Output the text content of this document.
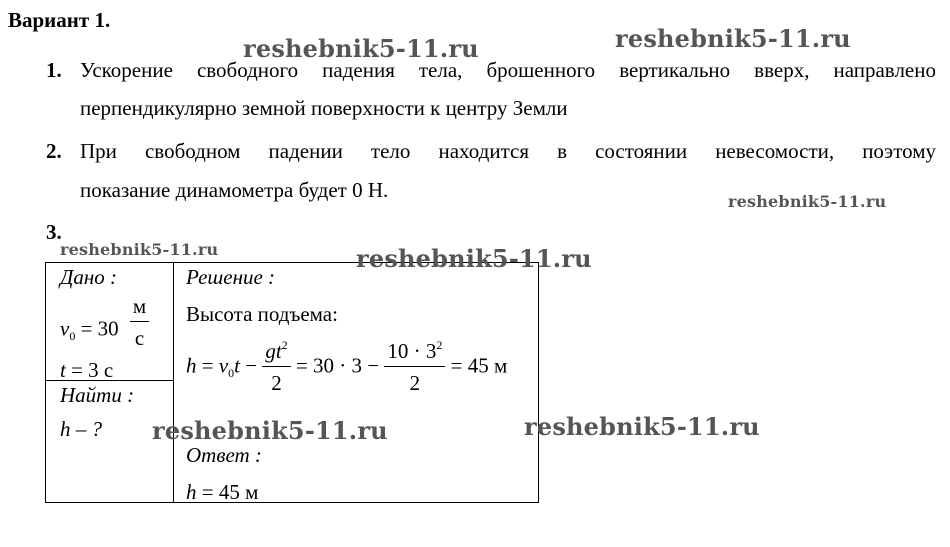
Вариант 1.
1. Ускорение свободного падения тела, брошенного вертикально вверх, направлено
перпендикулярно земной поверхности к центру Земли
2. При свободном падении тело находится в состоянии невесомости, поэтому
показание динамометра будет 0 Н.
3.
Дано :
$v_0 = 30 \frac{м}{с}$
t = 3 с

Решение :
Высота подъема:
$h = v_0t - \frac{gt^2}{2} = 30 \cdot 3 - \frac{10 \cdot 3^2}{2} = 45$ м
Ответ :
h = 45 м

Найти :
h – ?
reshebnik5-11.ru	reshebnik5-11.ru
reshebnik5-11.ru
reshebnik5-11.ru	reshebnik5-11.ru
reshebnik5-11.ru	reshebnik5-11.ru
